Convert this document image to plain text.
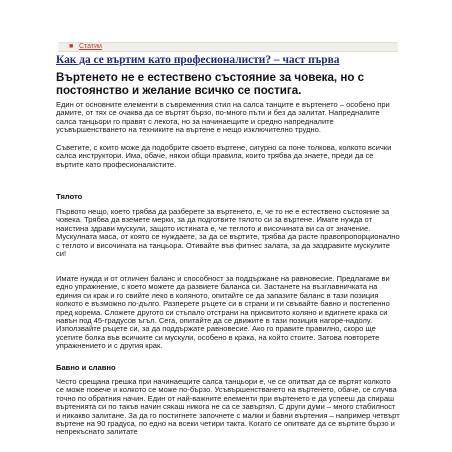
■ Статии
Как да се въртим като професионалисти? – част първа
Въртенето не е естествено състояние за човека, но с постоянство и желание всичко се постига.

Един от основните елементи в съвременния стил на салса танците е въртенето – особено при дамите, от тях се очаква да се въртят бързо, по-много пъти и без да залитат. Напредналите салса танцьори го правят с лекота, но за начинаещите и средно напредналите усъвършенстването на техниките на въртене е нещо изключително трудно.

Съветите, с които може да подобрите своето въртене, сигурно са поне толкова, колкото всички салса инструктори. Има, обаче, някои общи правила, които трябва да знаете, преди да се въртите като професионалистите.

Тялото

Първото нещо, което трябва да разберете за въртенето, е, че то не е естествено състояние за човека. Трябва да вземете мерки, за да подготвите тялото си за въртене. Имате нужда от наистина здрави мускули, защото истината е, че теглото и височината ви са от значение. Мускулната маса, от която се нуждаете, за да се въртите, трябва да расте правопропорционално с теглото и височината на танцьора. Отивайте във фитнес залата, за да заздравите мускулите си!

Имате нужда и от отличен баланс и способност за поддържане на равновесие. Предлагаме ви едно упражнение, с което можете да развиете баланса си. Застанете на възглавничката на единия си крак и го свийте леко в коляното, опитайте се да запазите баланс в тази позиция колкото е възможно по-дълго. Разперете ръцете си в страни и ги свъвайте бавно и постепенно пред корема. Сложете другото си стъпало отстрани на присвитото коляно и вдигнете крака си навън под 45-градусов ъгъл. Сега, опитайте да се движите в тази позиция нагоре-надолу. Използвайте ръцете си, за да поддържате равновесие. Ако го правите правилно, скоро ще усетите болка във всичките си мускули, особено в крака, на който стоите. Затова повторете упражнението и с другия крак.

Бавно и славно

Често срещана грешка при начинаещите салса танцьори е, че се опитват да се въртят колкото се може повече и колкото се може по-бързо. Усъвършенстването на въртенето, обаче, се случва точно по обратния начин. Един от най-важните елементи при въртенето е да успееш да спираш въртенията си по такъв начин сякаш никога не са се завъртял. С други думи – много стабилност и никакво залитане. За да го постигнете започнете с малки и бавни въртения – например четвърт въртене на 90 градуса, по едно на всеки четири такта. Когато се опитвате да се въртите бързо и непрекъснато залитате
